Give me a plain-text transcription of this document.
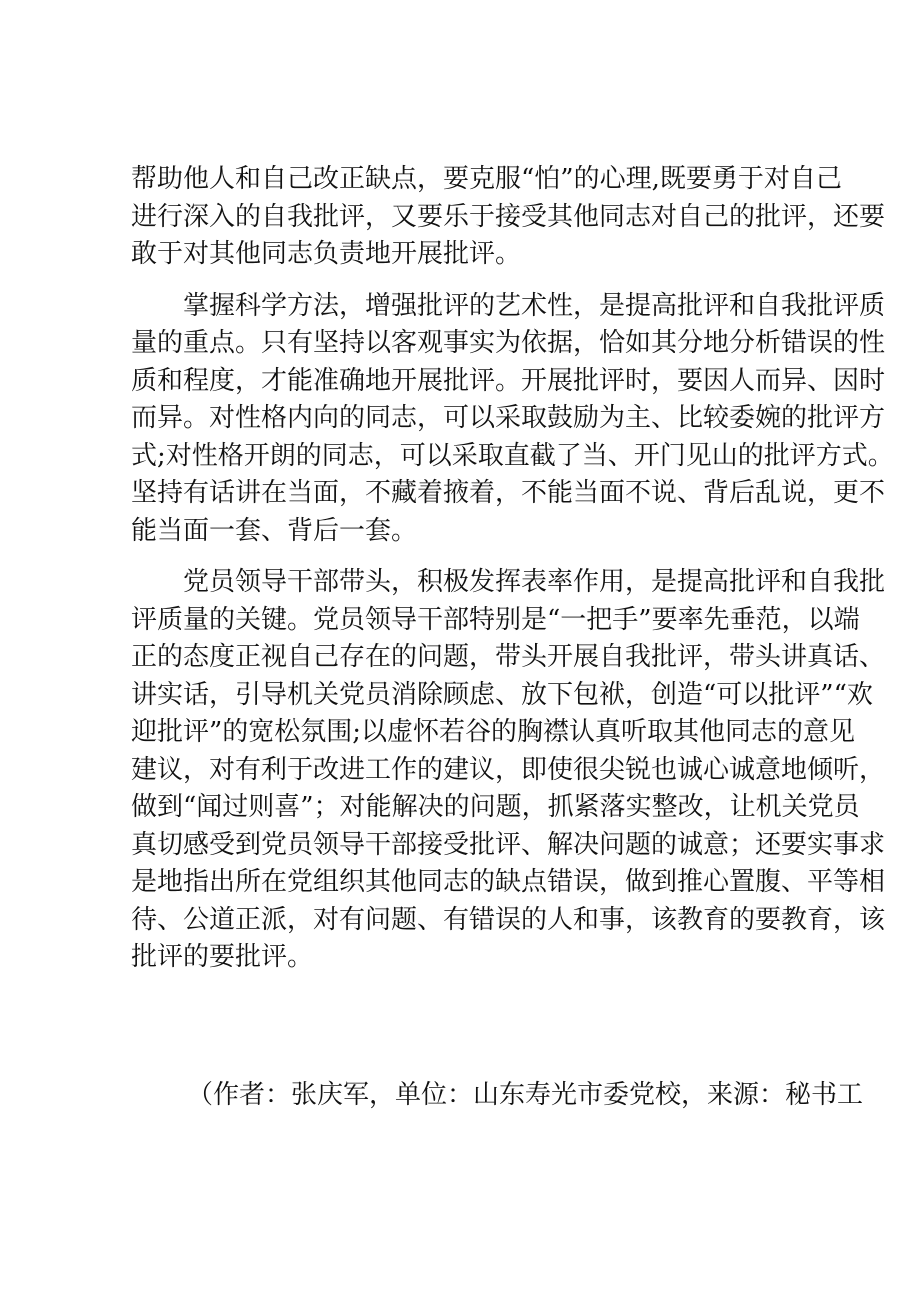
帮助他人和自己改正缺点，要克服“怕”的心理,既要勇于对自己
进行深入的自我批评，又要乐于接受其他同志对自己的批评，还要
敢于对其他同志负责地开展批评。
掌握科学方法，增强批评的艺术性，是提高批评和自我批评质
量的重点。只有坚持以客观事实为依据，恰如其分地分析错误的性
质和程度，才能准确地开展批评。开展批评时，要因人而异、因时
而异。对性格内向的同志，可以采取鼓励为主、比较委婉的批评方
式;对性格开朗的同志，可以采取直截了当、开门见山的批评方式。
坚持有话讲在当面，不藏着掖着，不能当面不说、背后乱说，更不
能当面一套、背后一套。
党员领导干部带头，积极发挥表率作用，是提高批评和自我批
评质量的关键。党员领导干部特别是“一把手”要率先垂范，以端
正的态度正视自己存在的问题，带头开展自我批评，带头讲真话、
讲实话，引导机关党员消除顾虑、放下包袱，创造“可以批评”“欢
迎批评”的宽松氛围;以虚怀若谷的胸襟认真听取其他同志的意见
建议，对有利于改进工作的建议，即使很尖锐也诚心诚意地倾听，
做到“闻过则喜”；对能解决的问题，抓紧落实整改，让机关党员
真切感受到党员领导干部接受批评、解决问题的诚意；还要实事求
是地指出所在党组织其他同志的缺点错误，做到推心置腹、平等相
待、公道正派，对有问题、有错误的人和事，该教育的要教育，该
批评的要批评。
（作者：张庆军，单位：山东寿光市委党校，来源：秘书工
